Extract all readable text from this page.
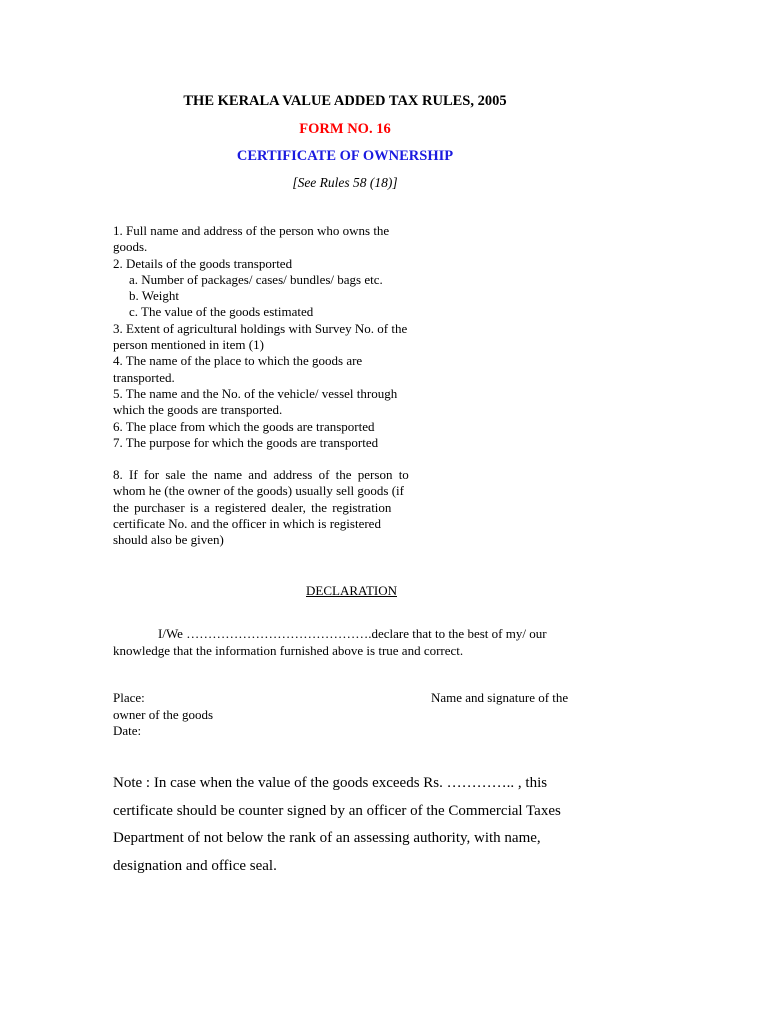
THE KERALA VALUE ADDED TAX RULES, 2005
FORM NO. 16
CERTIFICATE OF OWNERSHIP
[See Rules 58 (18)]
1. Full name and address of the person who owns the
goods.
2. Details of the goods transported
a. Number of packages/ cases/ bundles/ bags etc.
b. Weight
c. The value of the goods estimated
3. Extent of agricultural holdings with Survey No. of the
person mentioned in item (1)
4. The name of the place to which the goods are
transported.
5. The name and the No. of the vehicle/ vessel through
which the goods are transported.
6. The place from which the goods are transported
7. The purpose for which the goods are transported
8. If for sale the name and address of the person to
whom he (the owner of the goods) usually sell goods (if
the purchaser is a registered dealer, the registration
certificate No. and the officer in which is registered
should also be given)
DECLARATION
I/We …………………………………….declare that to the best of my/ our
knowledge that the information furnished above is true and correct.
Place:
owner of the goods
Date:
Name and signature of the
Note : In case when the value of the goods exceeds Rs. ………….. , this
certificate should be counter signed by an officer of the Commercial Taxes
Department of not below the rank of an assessing authority, with name,
designation and office seal.
